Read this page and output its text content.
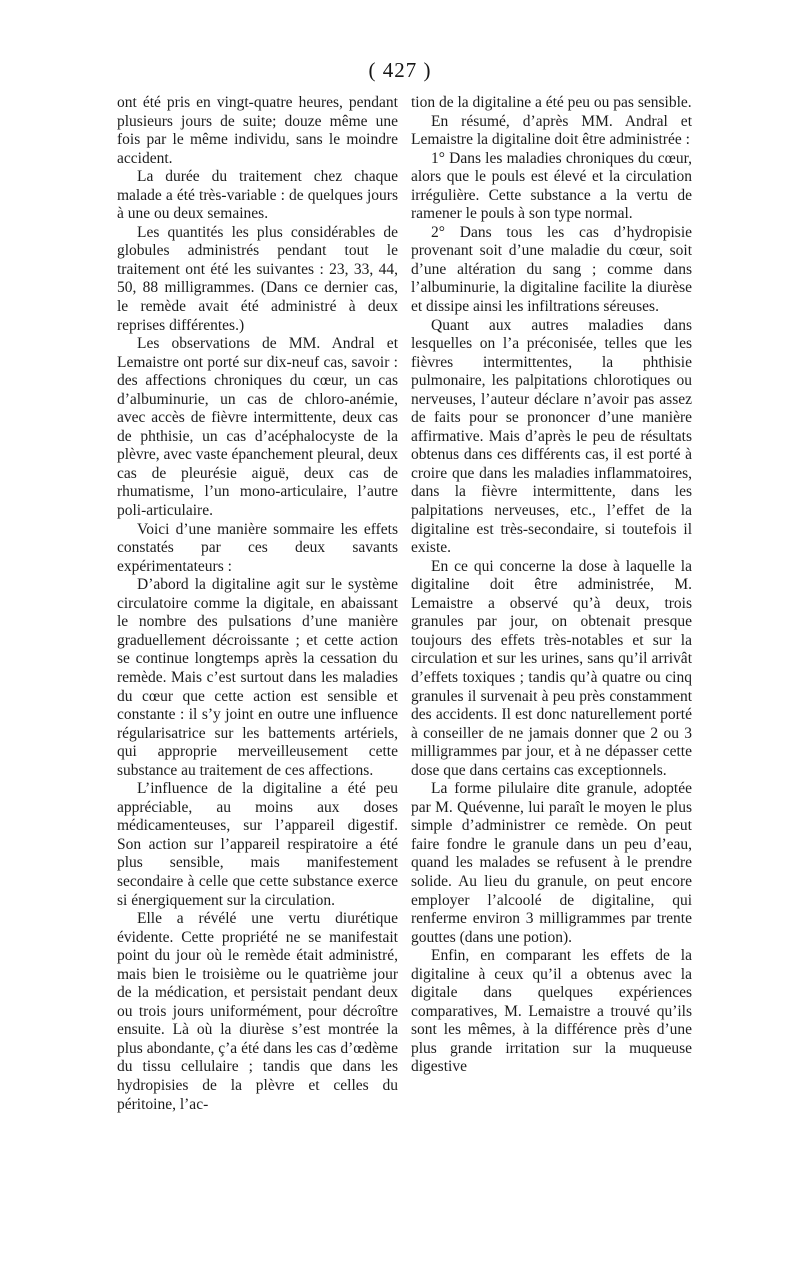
( 427 )

ont été pris en vingt-quatre heures, pendant plusieurs jours de suite; douze même une fois par le même individu, sans le moindre accident.

La durée du traitement chez chaque malade a été très-variable : de quelques jours à une ou deux semaines.

Les quantités les plus considérables de globules administrés pendant tout le traitement ont été les suivantes : 23, 33, 44, 50, 88 milligrammes. (Dans ce dernier cas, le remède avait été administré à deux reprises différentes.)

Les observations de MM. Andral et Lemaistre ont porté sur dix-neuf cas, savoir : des affections chroniques du cœur, un cas d’albuminurie, un cas de chloro-anémie, avec accès de fièvre intermittente, deux cas de phthisie, un cas d’acéphalocyste de la plèvre, avec vaste épanchement pleural, deux cas de pleurésie aiguë, deux cas de rhumatisme, l’un mono-articulaire, l’autre poli-articulaire.

Voici d’une manière sommaire les effets constatés par ces deux savants expérimentateurs :

D’abord la digitaline agit sur le système circulatoire comme la digitale, en abaissant le nombre des pulsations d’une manière graduellement décroissante ; et cette action se continue longtemps après la cessation du remède. Mais c’est surtout dans les maladies du cœur que cette action est sensible et constante : il s’y joint en outre une influence régularisatrice sur les battements artériels, qui approprie merveilleusement cette substance au traitement de ces affections.

L’influence de la digitaline a été peu appréciable, au moins aux doses médicamenteuses, sur l’appareil digestif. Son action sur l’appareil respiratoire a été plus sensible, mais manifestement secondaire à celle que cette substance exerce si énergiquement sur la circulation.

Elle a révélé une vertu diurétique évidente. Cette propriété ne se manifestait point du jour où le remède était administré, mais bien le troisième ou le quatrième jour de la médication, et persistait pendant deux ou trois jours uniformément, pour décroître ensuite. Là où la diurèse s’est montrée la plus abondante, ç’a été dans les cas d’œdème du tissu cellulaire ; tandis que dans les hydropisies de la plèvre et celles du péritoine, l’ac-

tion de la digitaline a été peu ou pas sensible.

En résumé, d’après MM. Andral et Lemaistre la digitaline doit être administrée :

1° Dans les maladies chroniques du cœur, alors que le pouls est élevé et la circulation irrégulière. Cette substance a la vertu de ramener le pouls à son type normal.

2° Dans tous les cas d’hydropisie provenant soit d’une maladie du cœur, soit d’une altération du sang ; comme dans l’albuminurie, la digitaline facilite la diurèse et dissipe ainsi les infiltrations séreuses.

Quant aux autres maladies dans lesquelles on l’a préconisée, telles que les fièvres intermittentes, la phthisie pulmonaire, les palpitations chlorotiques ou nerveuses, l’auteur déclare n’avoir pas assez de faits pour se prononcer d’une manière affirmative. Mais d’après le peu de résultats obtenus dans ces différents cas, il est porté à croire que dans les maladies inflammatoires, dans la fièvre intermittente, dans les palpitations nerveuses, etc., l’effet de la digitaline est très-secondaire, si toutefois il existe.

En ce qui concerne la dose à laquelle la digitaline doit être administrée, M. Lemaistre a observé qu’à deux, trois granules par jour, on obtenait presque toujours des effets très-notables et sur la circulation et sur les urines, sans qu’il arrivât d’effets toxiques ; tandis qu’à quatre ou cinq granules il survenait à peu près constamment des accidents. Il est donc naturellement porté à conseiller de ne jamais donner que 2 ou 3 milligrammes par jour, et à ne dépasser cette dose que dans certains cas exceptionnels.

La forme pilulaire dite granule, adoptée par M. Quévenne, lui paraît le moyen le plus simple d’administrer ce remède. On peut faire fondre le granule dans un peu d’eau, quand les malades se refusent à le prendre solide. Au lieu du granule, on peut encore employer l’alcoolé de digitaline, qui renferme environ 3 milligrammes par trente gouttes (dans une potion).

Enfin, en comparant les effets de la digitaline à ceux qu’il a obtenus avec la digitale dans quelques expériences comparatives, M. Lemaistre a trouvé qu’ils sont les mêmes, à la différence près d’une plus grande irritation sur la muqueuse digestive
